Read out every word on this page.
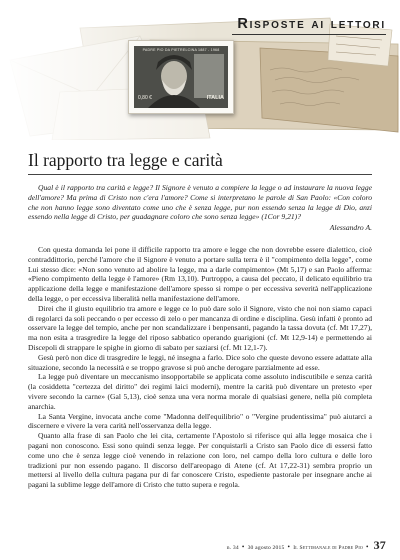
Risposte ai lettori
PADRE PIO DA PIETRELCINA 1887 - 1968
0,80 €	ITALIA
Il rapporto tra legge e carità

Qual è il rapporto tra carità e legge? Il Signore è venuto a compiere la legge o ad instaurare la nuova legge dell'amore? Ma prima di Cristo non c'era l'amore? Come si interpretano le parole di San Paolo: «Con coloro che non hanno legge sono diventato come uno che è senza legge, pur non essendo senza la legge di Dio, anzi essendo nella legge di Cristo, per guadagnare coloro che sono senza legge» (1Cor 9,21)?

Alessandro A.

Con questa domanda lei pone il difficile rapporto tra amore e legge che non dovrebbe essere dialettico, cioè contraddittorio, perché l'amore che il Signore è venuto a portare sulla terra è il "compimento della legge", come Lui stesso dice: «Non sono venuto ad abolire la legge, ma a darle compimento» (Mt 5,17) e san Paolo afferma: «Pieno compimento della legge è l'amore» (Rm 13,10). Purtroppo, a causa del peccato, il delicato equilibrio tra applicazione della legge e manifestazione dell'amore spesso si rompe o per eccessiva severità nell'applicazione della legge, o per eccessiva liberalità nella manifestazione dell'amore.

Direi che il giusto equilibrio tra amore e legge ce lo può dare solo il Signore, visto che noi non siamo capaci di regolarci da soli peccando o per eccesso di zelo o per mancanza di ordine e disciplina. Gesù infatti è pronto ad osservare la legge del tempio, anche per non scandalizzare i benpensanti, pagando la tassa dovuta (cf. Mt 17,27), ma non esita a trasgredire la legge del riposo sabbatico operando guarigioni (cf. Mt 12,9-14) e permettendo ai Discepoli di strappare le spighe in giorno di sabato per saziarsi (cf. Mt 12,1-7).

Gesù però non dice di trasgredire le leggi, né insegna a farlo. Dice solo che queste devono essere adattate alla situazione, secondo la necessità e se troppo gravose si può anche derogare parzialmente ad esse.

La legge può diventare un meccanismo insopportabile se applicata come assoluto indiscutibile e senza carità (la cosiddetta "certezza del diritto" dei regimi laici moderni), mentre la carità può diventare un pretesto «per vivere secondo la carne» (Gal 5,13), cioè senza una vera norma morale di qualsiasi genere, nella più completa anarchia.

La Santa Vergine, invocata anche come "Madonna dell'equilibrio" o "Vergine prudentissima" può aiutarci a discernere e vivere la vera carità nell'osservanza della legge.

Quanto alla frase di san Paolo che lei cita, certamente l'Apostolo si riferisce qui alla legge mosaica che i pagani non conoscono. Essi sono quindi senza legge. Per conquistarli a Cristo san Paolo dice di essersi fatto come uno che è senza legge cioè venendo in relazione con loro, nel campo della loro cultura e delle loro tradizioni pur non essendo pagano. Il discorso dell'areopago di Atene (cf. At 17,22-31) sembra proprio un mettersi al livello della cultura pagana pur di far conoscere Cristo, espediente pastorale per insegnare anche ai pagani la sublime legge dell'amore di Cristo che tutto supera e regola.

n. 34 • 30 agosto 2015 • Il Settimanale di Padre Pio • 37
